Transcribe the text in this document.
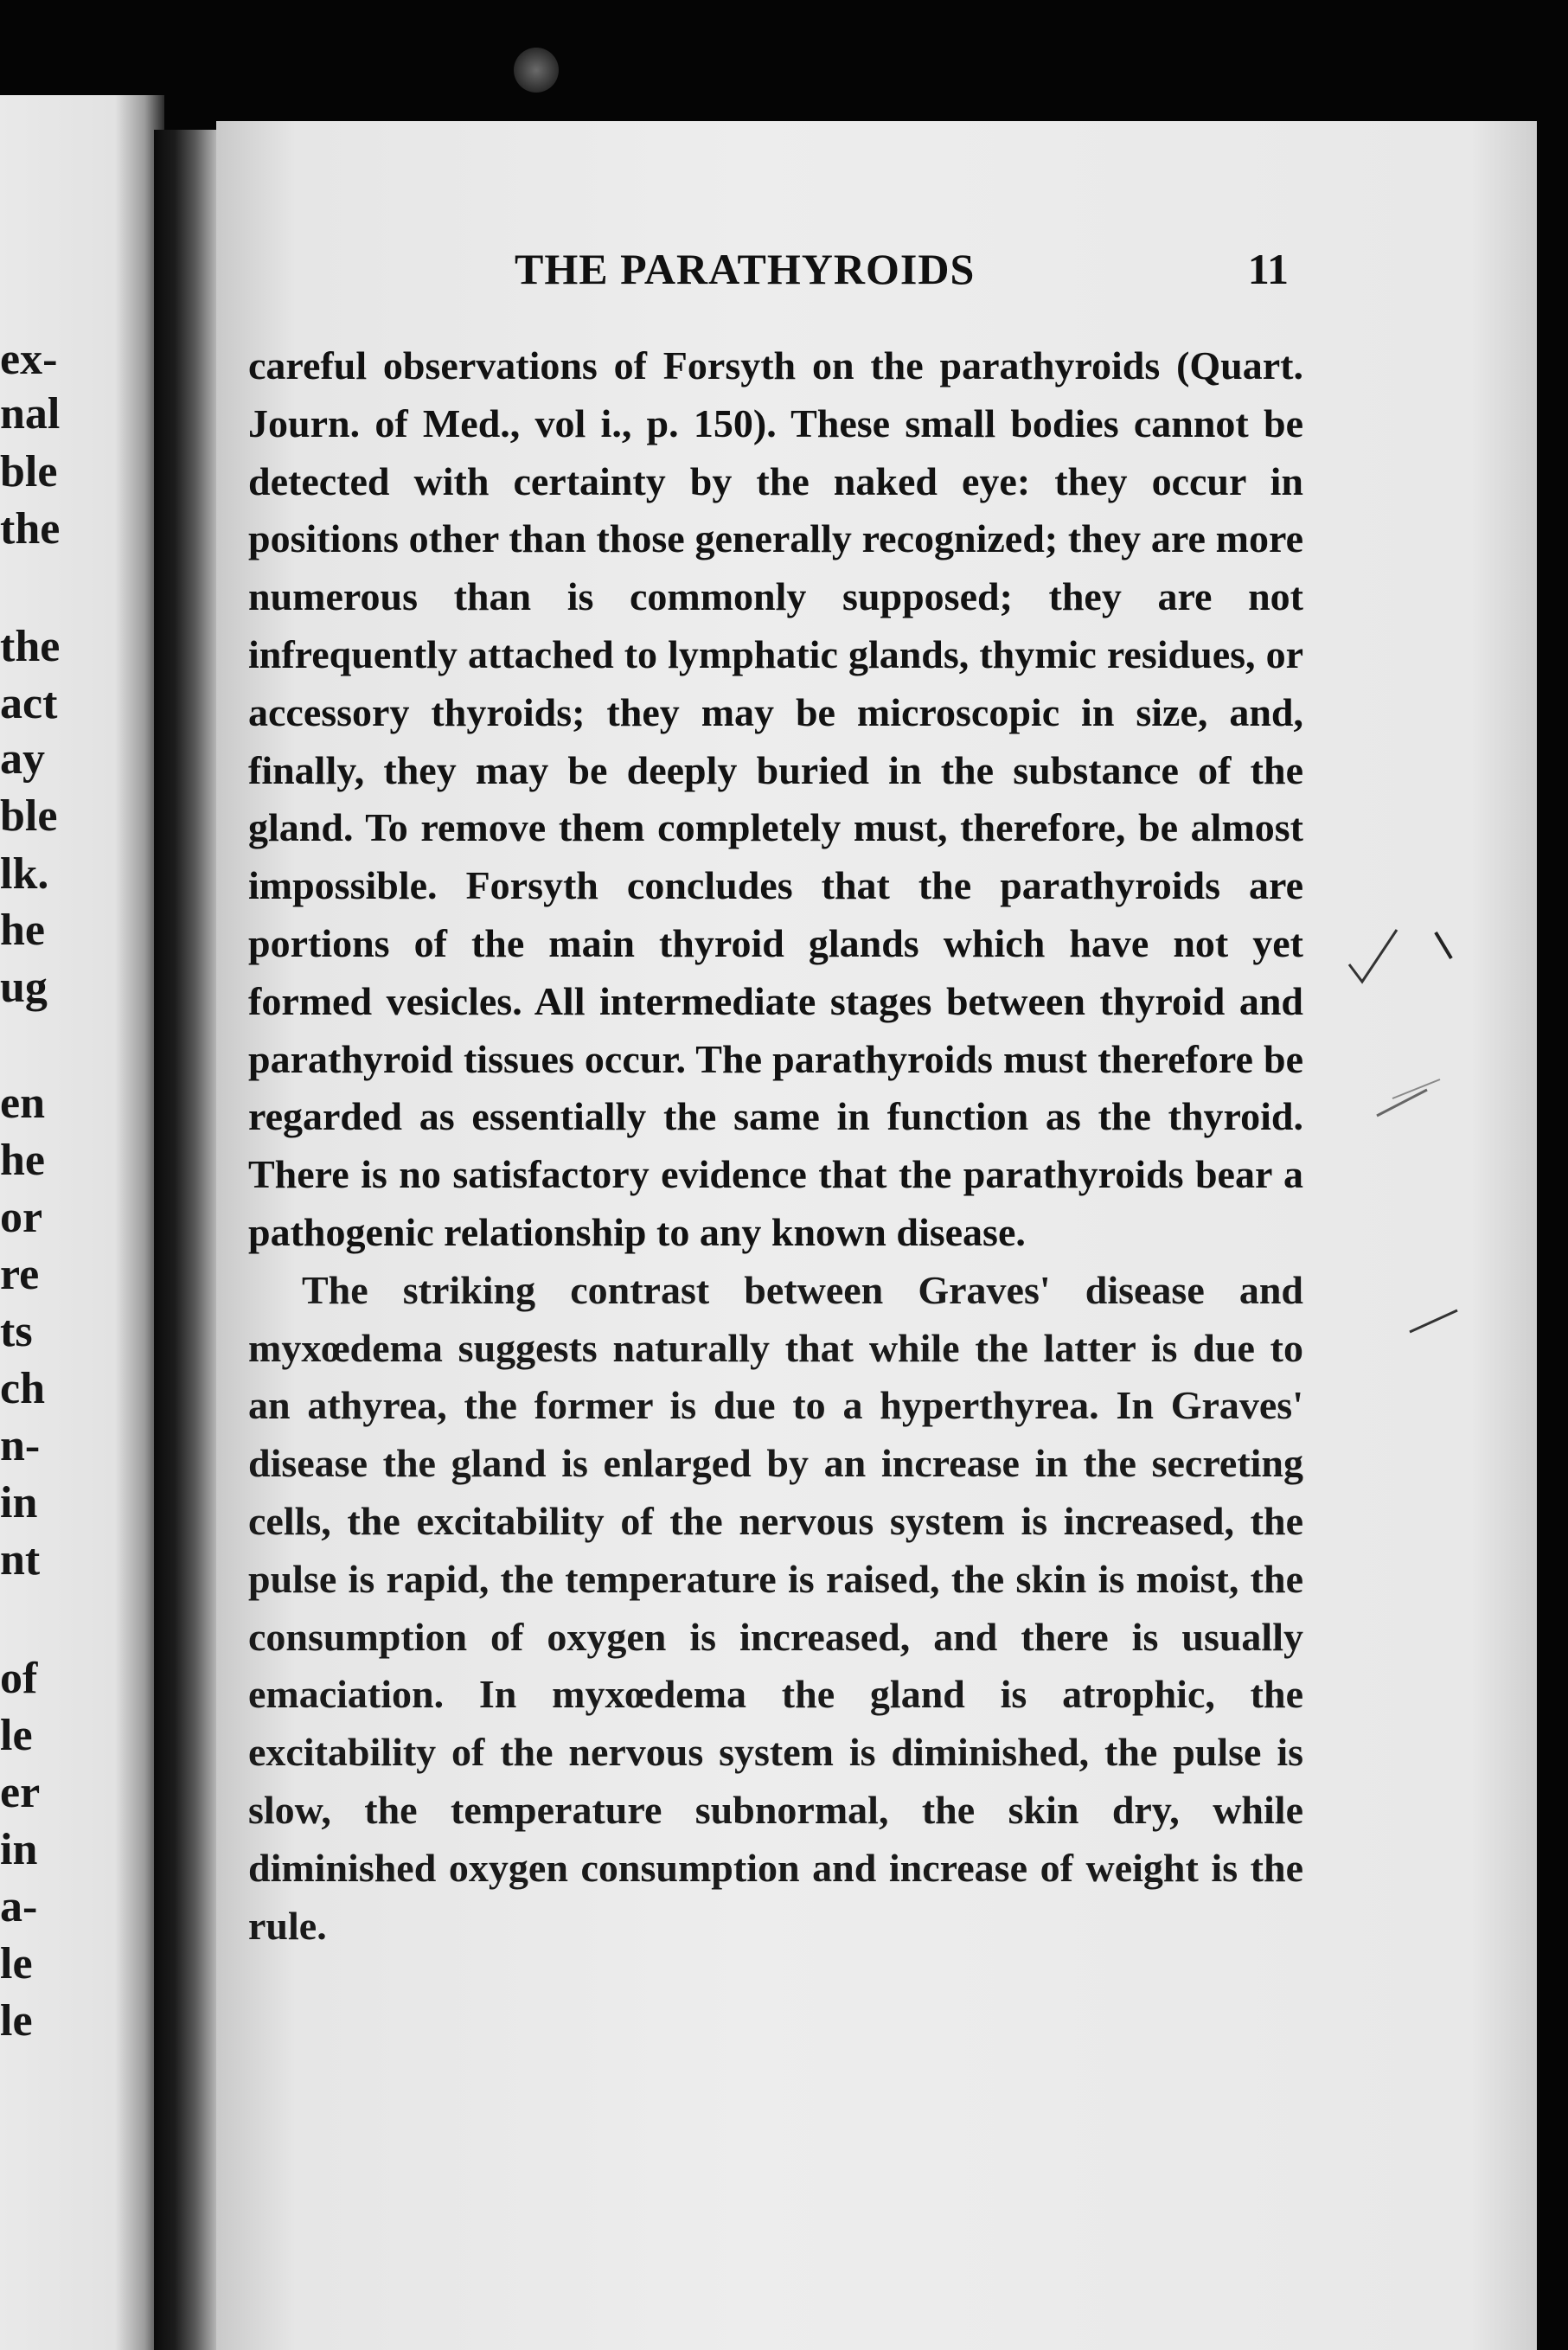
ex-
nal
ble
the
the
act
ay
ble
lk.
he
ug
en
he
or
re
ts
ch
n-
in
nt
of
le
er
in
a-
le
le
THE PARATHYROIDS	11

careful observations of Forsyth on the parathyroids (Quart. Journ. of Med., vol i., p. 150). These small bodies cannot be detected with certainty by the naked eye: they occur in positions other than those generally recognized; they are more numerous than is commonly supposed; they are not infrequently attached to lymphatic glands, thymic residues, or accessory thyroids; they may be microscopic in size, and, finally, they may be deeply buried in the substance of the gland. To remove them completely must, therefore, be almost impossible. Forsyth concludes that the parathyroids are portions of the main thyroid glands which have not yet formed vesicles. All intermediate stages between thyroid and parathyroid tissues occur. The parathyroids must therefore be regarded as essentially the same in function as the thyroid. There is no satisfactory evidence that the parathyroids bear a pathogenic relationship to any known disease.

The striking contrast between Graves' disease and myxœdema suggests naturally that while the latter is due to an athyrea, the former is due to a hyperthyrea. In Graves' disease the gland is enlarged by an increase in the secreting cells, the excitability of the nervous system is increased, the pulse is rapid, the temperature is raised, the skin is moist, the consumption of oxygen is increased, and there is usually emaciation. In myxœdema the gland is atrophic, the excitability of the nervous system is diminished, the pulse is slow, the temperature subnormal, the skin dry, while diminished oxygen consumption and increase of weight is the rule.
